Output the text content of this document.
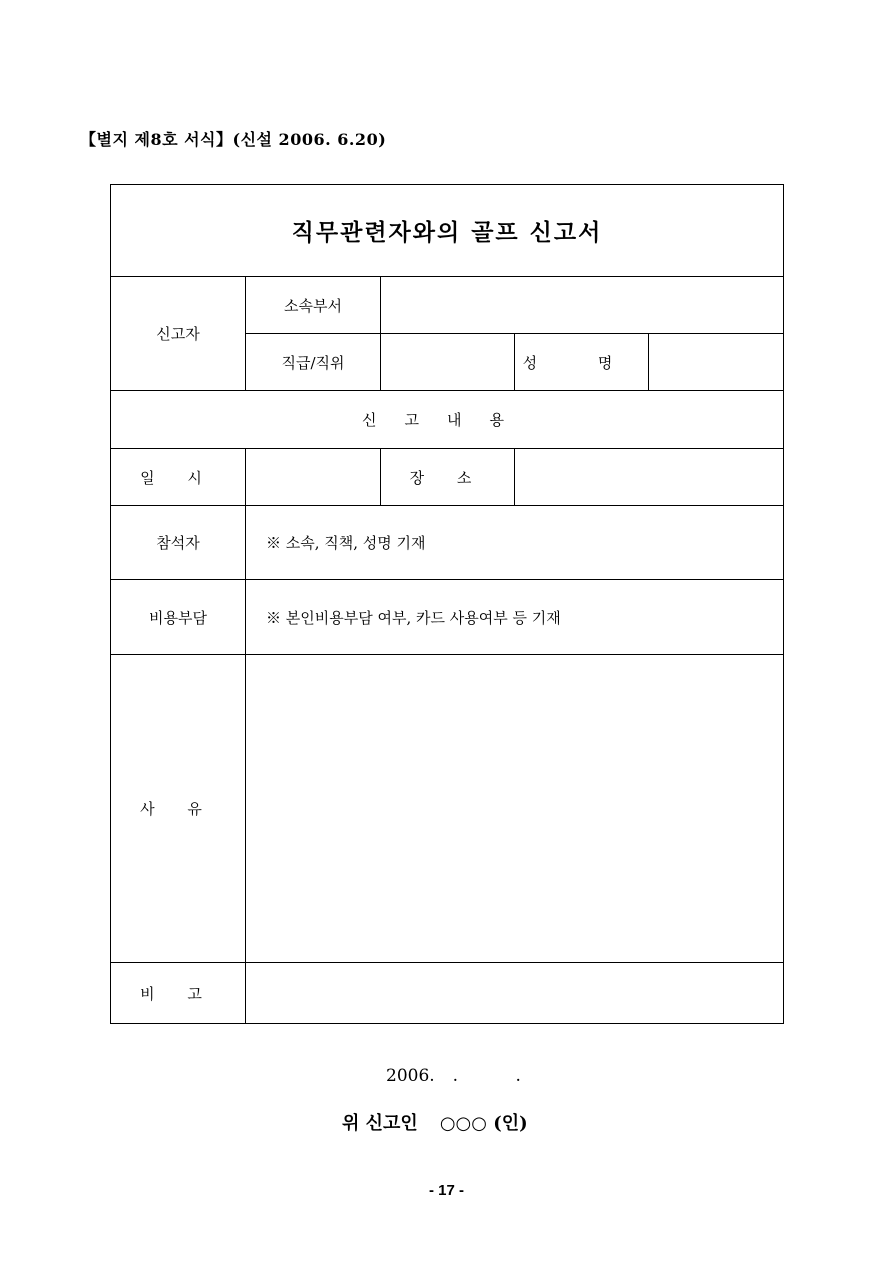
【별지 제8호 서식】(신설 2006. 6.20)
직무관련자와의 골프 신고서				
신고자	소속부서			
	직급/직위		성 명	
신고내용				
일 시		장 소		
참석자	※ 소속, 직책, 성명 기재			
비용부담	※ 본인비용부담 여부, 카드 사용여부 등 기재			
사 유				
비 고				
2006. . .
위 신고인 ○○○ (인)
- 17 -
